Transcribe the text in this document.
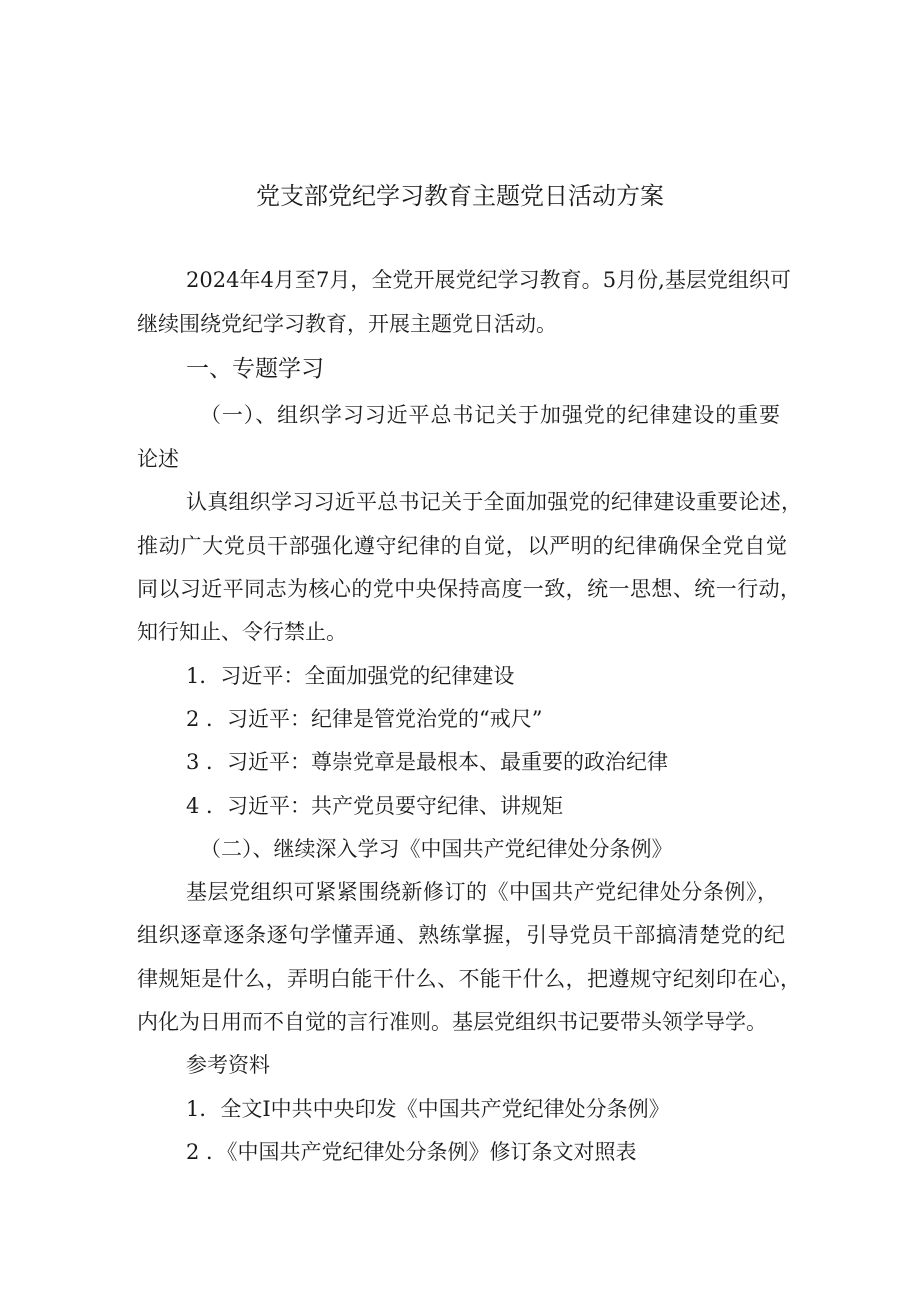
党支部党纪学习教育主题党日活动方案
2024年4月至7月，全党开展党纪学习教育。5月份,基层党组织可
继续围绕党纪学习教育，开展主题党日活动。
一、专题学习
（一）、组织学习习近平总书记关于加强党的纪律建设的重要
论述
认真组织学习习近平总书记关于全面加强党的纪律建设重要论述，
推动广大党员干部强化遵守纪律的自觉，以严明的纪律确保全党自觉
同以习近平同志为核心的党中央保持高度一致，统一思想、统一行动，
知行知止、令行禁止。
1．习近平：全面加强党的纪律建设
2 ．习近平：纪律是管党治党的“戒尺”
3 ．习近平：尊崇党章是最根本、最重要的政治纪律
4 ．习近平：共产党员要守纪律、讲规矩
（二）、继续深入学习《中国共产党纪律处分条例》
基层党组织可紧紧围绕新修订的《中国共产党纪律处分条例》，
组织逐章逐条逐句学懂弄通、熟练掌握，引导党员干部搞清楚党的纪
律规矩是什么，弄明白能干什么、不能干什么，把遵规守纪刻印在心，
内化为日用而不自觉的言行准则。基层党组织书记要带头领学导学。
参考资料
1．全文I中共中央印发《中国共产党纪律处分条例》
2 ．《中国共产党纪律处分条例》修订条文对照表
